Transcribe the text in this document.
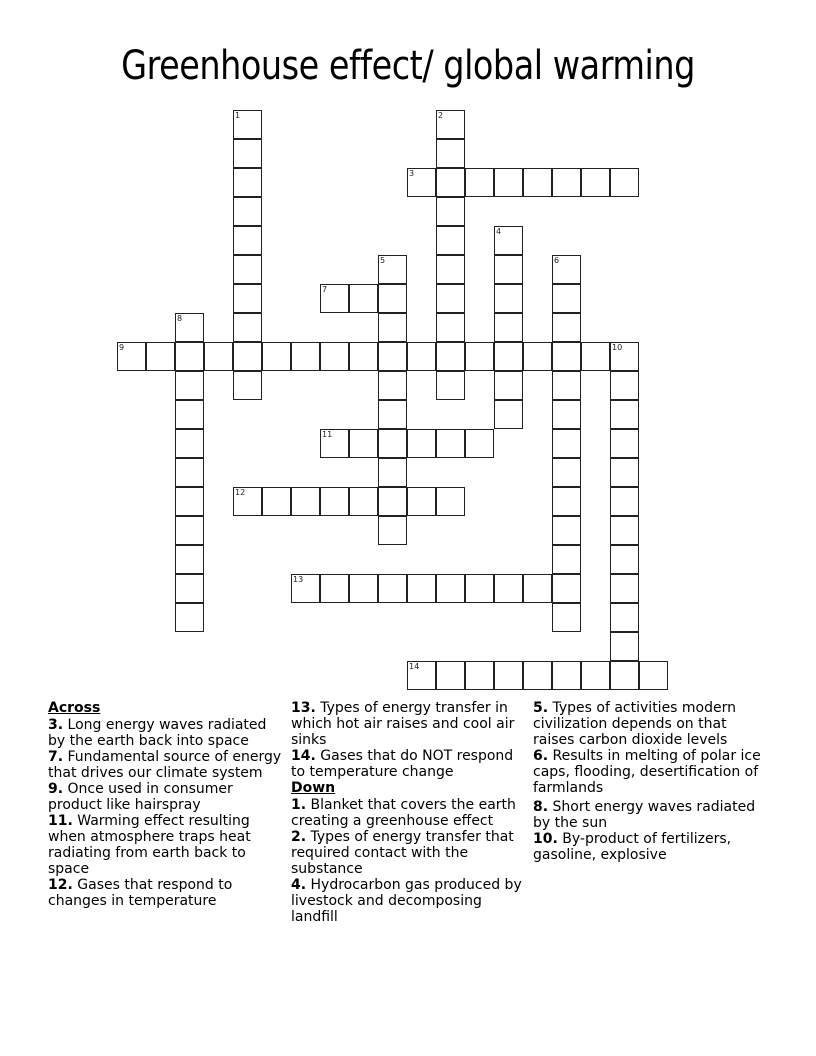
Greenhouse effect/ global warming
1	2
3
4
5	6
7
8
9	10
11
12
13
14
Across
3. Long energy waves radiated by the earth back into space
7. Fundamental source of energy that drives our climate system
9. Once used in consumer product like hairspray
11. Warming effect resulting when atmosphere traps heat radiating from earth back to space
12. Gases that respond to changes in temperature
13. Types of energy transfer in which hot air raises and cool air sinks
14. Gases that do NOT respond to temperature change
Down
1. Blanket that covers the earth creating a greenhouse effect
2. Types of energy transfer that required contact with the substance
4. Hydrocarbon gas produced by livestock and decomposing landfill
5. Types of activities modern civilization depends on that raises carbon dioxide levels
6. Results in melting of polar ice caps, flooding, desertification of farmlands
8. Short energy waves radiated by the sun
10. By-product of fertilizers, gasoline, explosive
